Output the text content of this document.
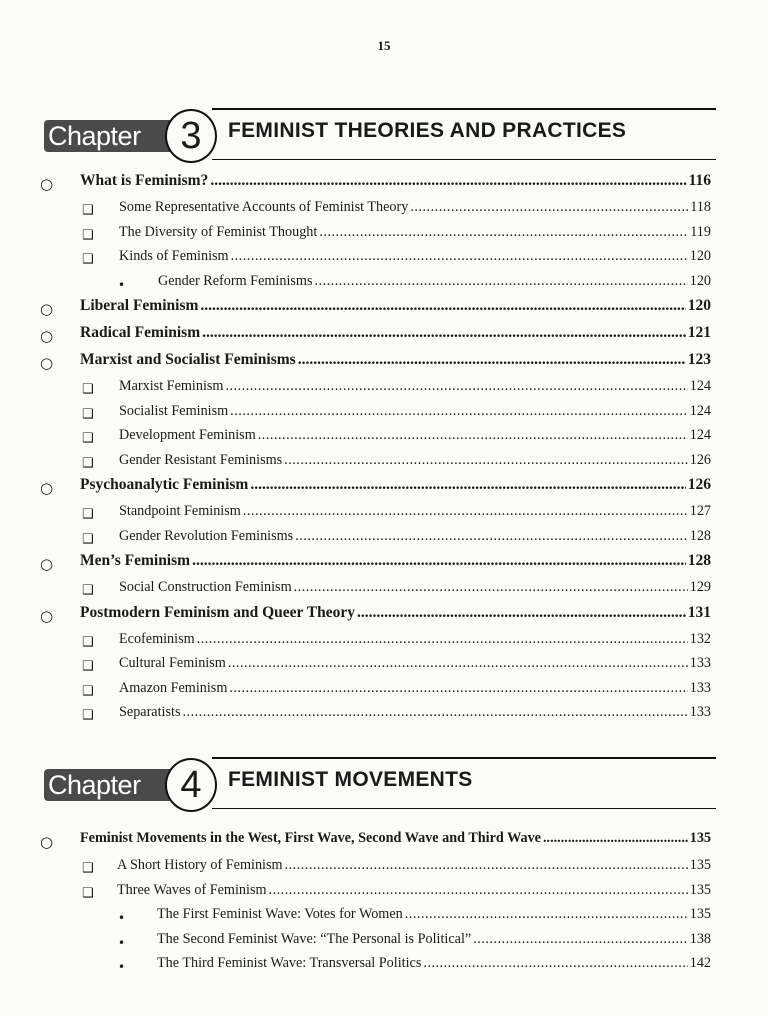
15
Chapter	3	FEMINIST THEORIES AND PRACTICES
○ What is Feminism? .....	116
❑ Some Representative Accounts of Feminist Theory .....	118
❑ The Diversity of Feminist Thought .....	119
❑ Kinds of Feminism .....	120
• Gender Reform Feminisms .....	120
○ Liberal Feminism .....	120
○ Radical Feminism .....	121
○ Marxist and Socialist Feminisms .....	123
❑ Marxist Feminism .....	124
❑ Socialist Feminism .....	124
❑ Development Feminism .....	124
❑ Gender Resistant Feminisms .....	126
○ Psychoanalytic Feminism .....	126
❑ Standpoint Feminism .....	127
❑ Gender Revolution Feminisms .....	128
○ Men’s Feminism .....	128
❑ Social Construction Feminism .....	129
○ Postmodern Feminism and Queer Theory .....	131
❑ Ecofeminism .....	132
❑ Cultural Feminism .....	133
❑ Amazon Feminism .....	133
❑ Separatists .....	133
Chapter	4	FEMINIST MOVEMENTS
○ Feminist Movements in the West, First Wave, Second Wave and Third Wave .....	135
❑ A Short History of Feminism .....	135
❑ Three Waves of Feminism .....	135
• The First Feminist Wave: Votes for Women .....	135
• The Second Feminist Wave: “The Personal is Political” .....	138
• The Third Feminist Wave: Transversal Politics .....	142
